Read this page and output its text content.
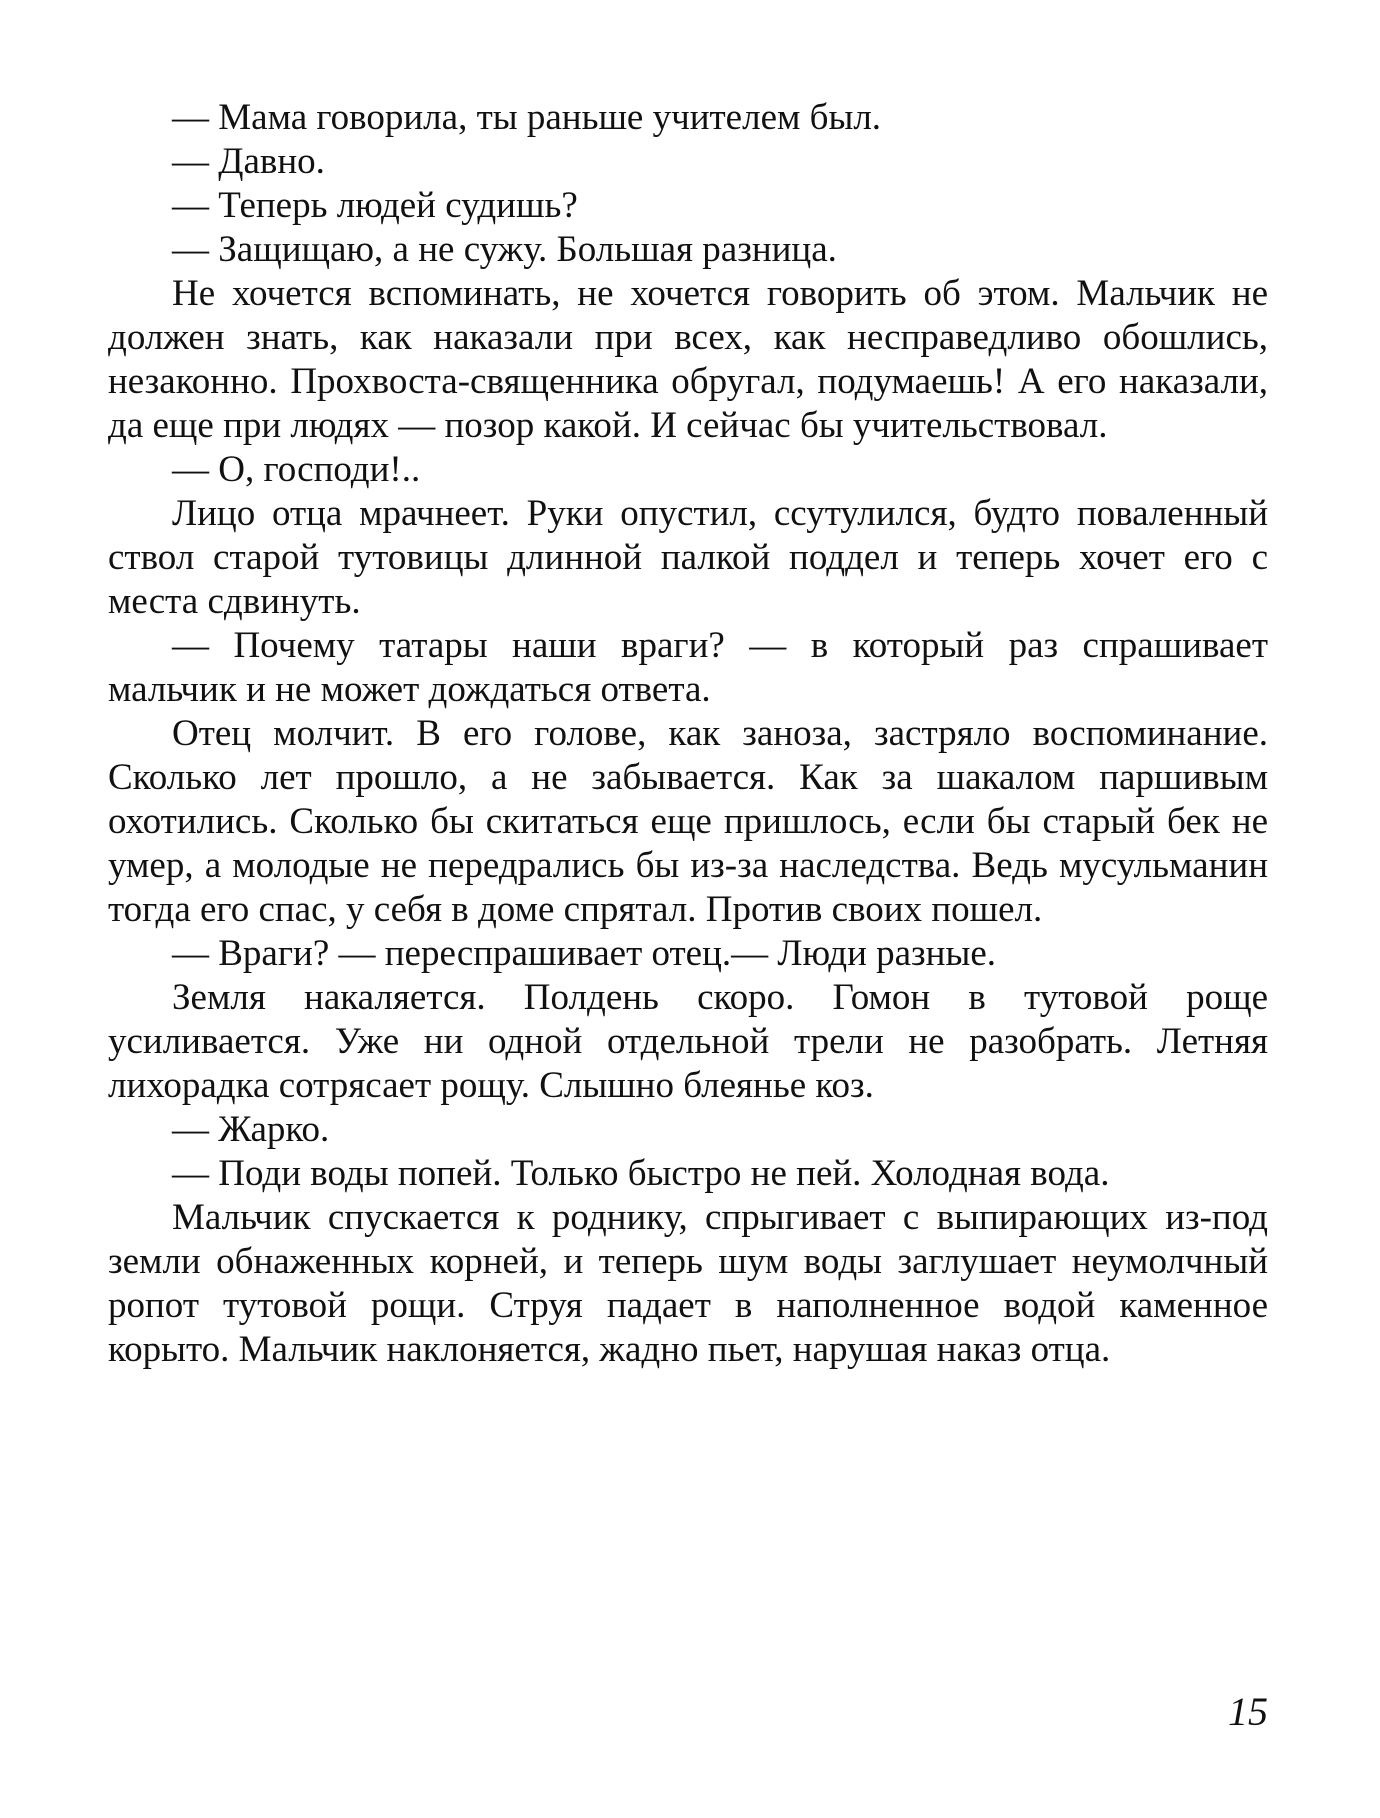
— Мама говорила, ты раньше учителем был.

— Давно.

— Теперь людей судишь?

— Защищаю, а не сужу. Большая разница.

Не хочется вспоминать, не хочется говорить об этом. Мальчик не должен знать, как наказали при всех, как несправедливо обошлись, незаконно. Прохвоста-священника обругал, подумаешь! А его наказали, да еще при людях — позор какой. И сейчас бы учительствовал.

— О, господи!..

Лицо отца мрачнеет. Руки опустил, ссутулился, будто поваленный ствол старой тутовицы длинной палкой поддел и теперь хочет его с места сдвинуть.

— Почему татары наши враги? — в который раз спрашивает мальчик и не может дождаться ответа.

Отец молчит. В его голове, как заноза, застряло воспоминание. Сколько лет прошло, а не забывается. Как за шакалом паршивым охотились. Сколько бы скитаться еще пришлось, если бы старый бек не умер, а молодые не передрались бы из-за наследства. Ведь мусульманин тогда его спас, у себя в доме спрятал. Против своих пошел.

— Враги? — переспрашивает отец.— Люди разные.

Земля накаляется. Полдень скоро. Гомон в тутовой роще усиливается. Уже ни одной отдельной трели не разобрать. Летняя лихорадка сотрясает рощу. Слышно блеянье коз.

— Жарко.

— Поди воды попей. Только быстро не пей. Холодная вода.

Мальчик спускается к роднику, спрыгивает с выпирающих из-под земли обнаженных корней, и теперь шум воды заглушает неумолчный ропот тутовой рощи. Струя падает в наполненное водой каменное корыто. Мальчик наклоняется, жадно пьет, нарушая наказ отца.

15
